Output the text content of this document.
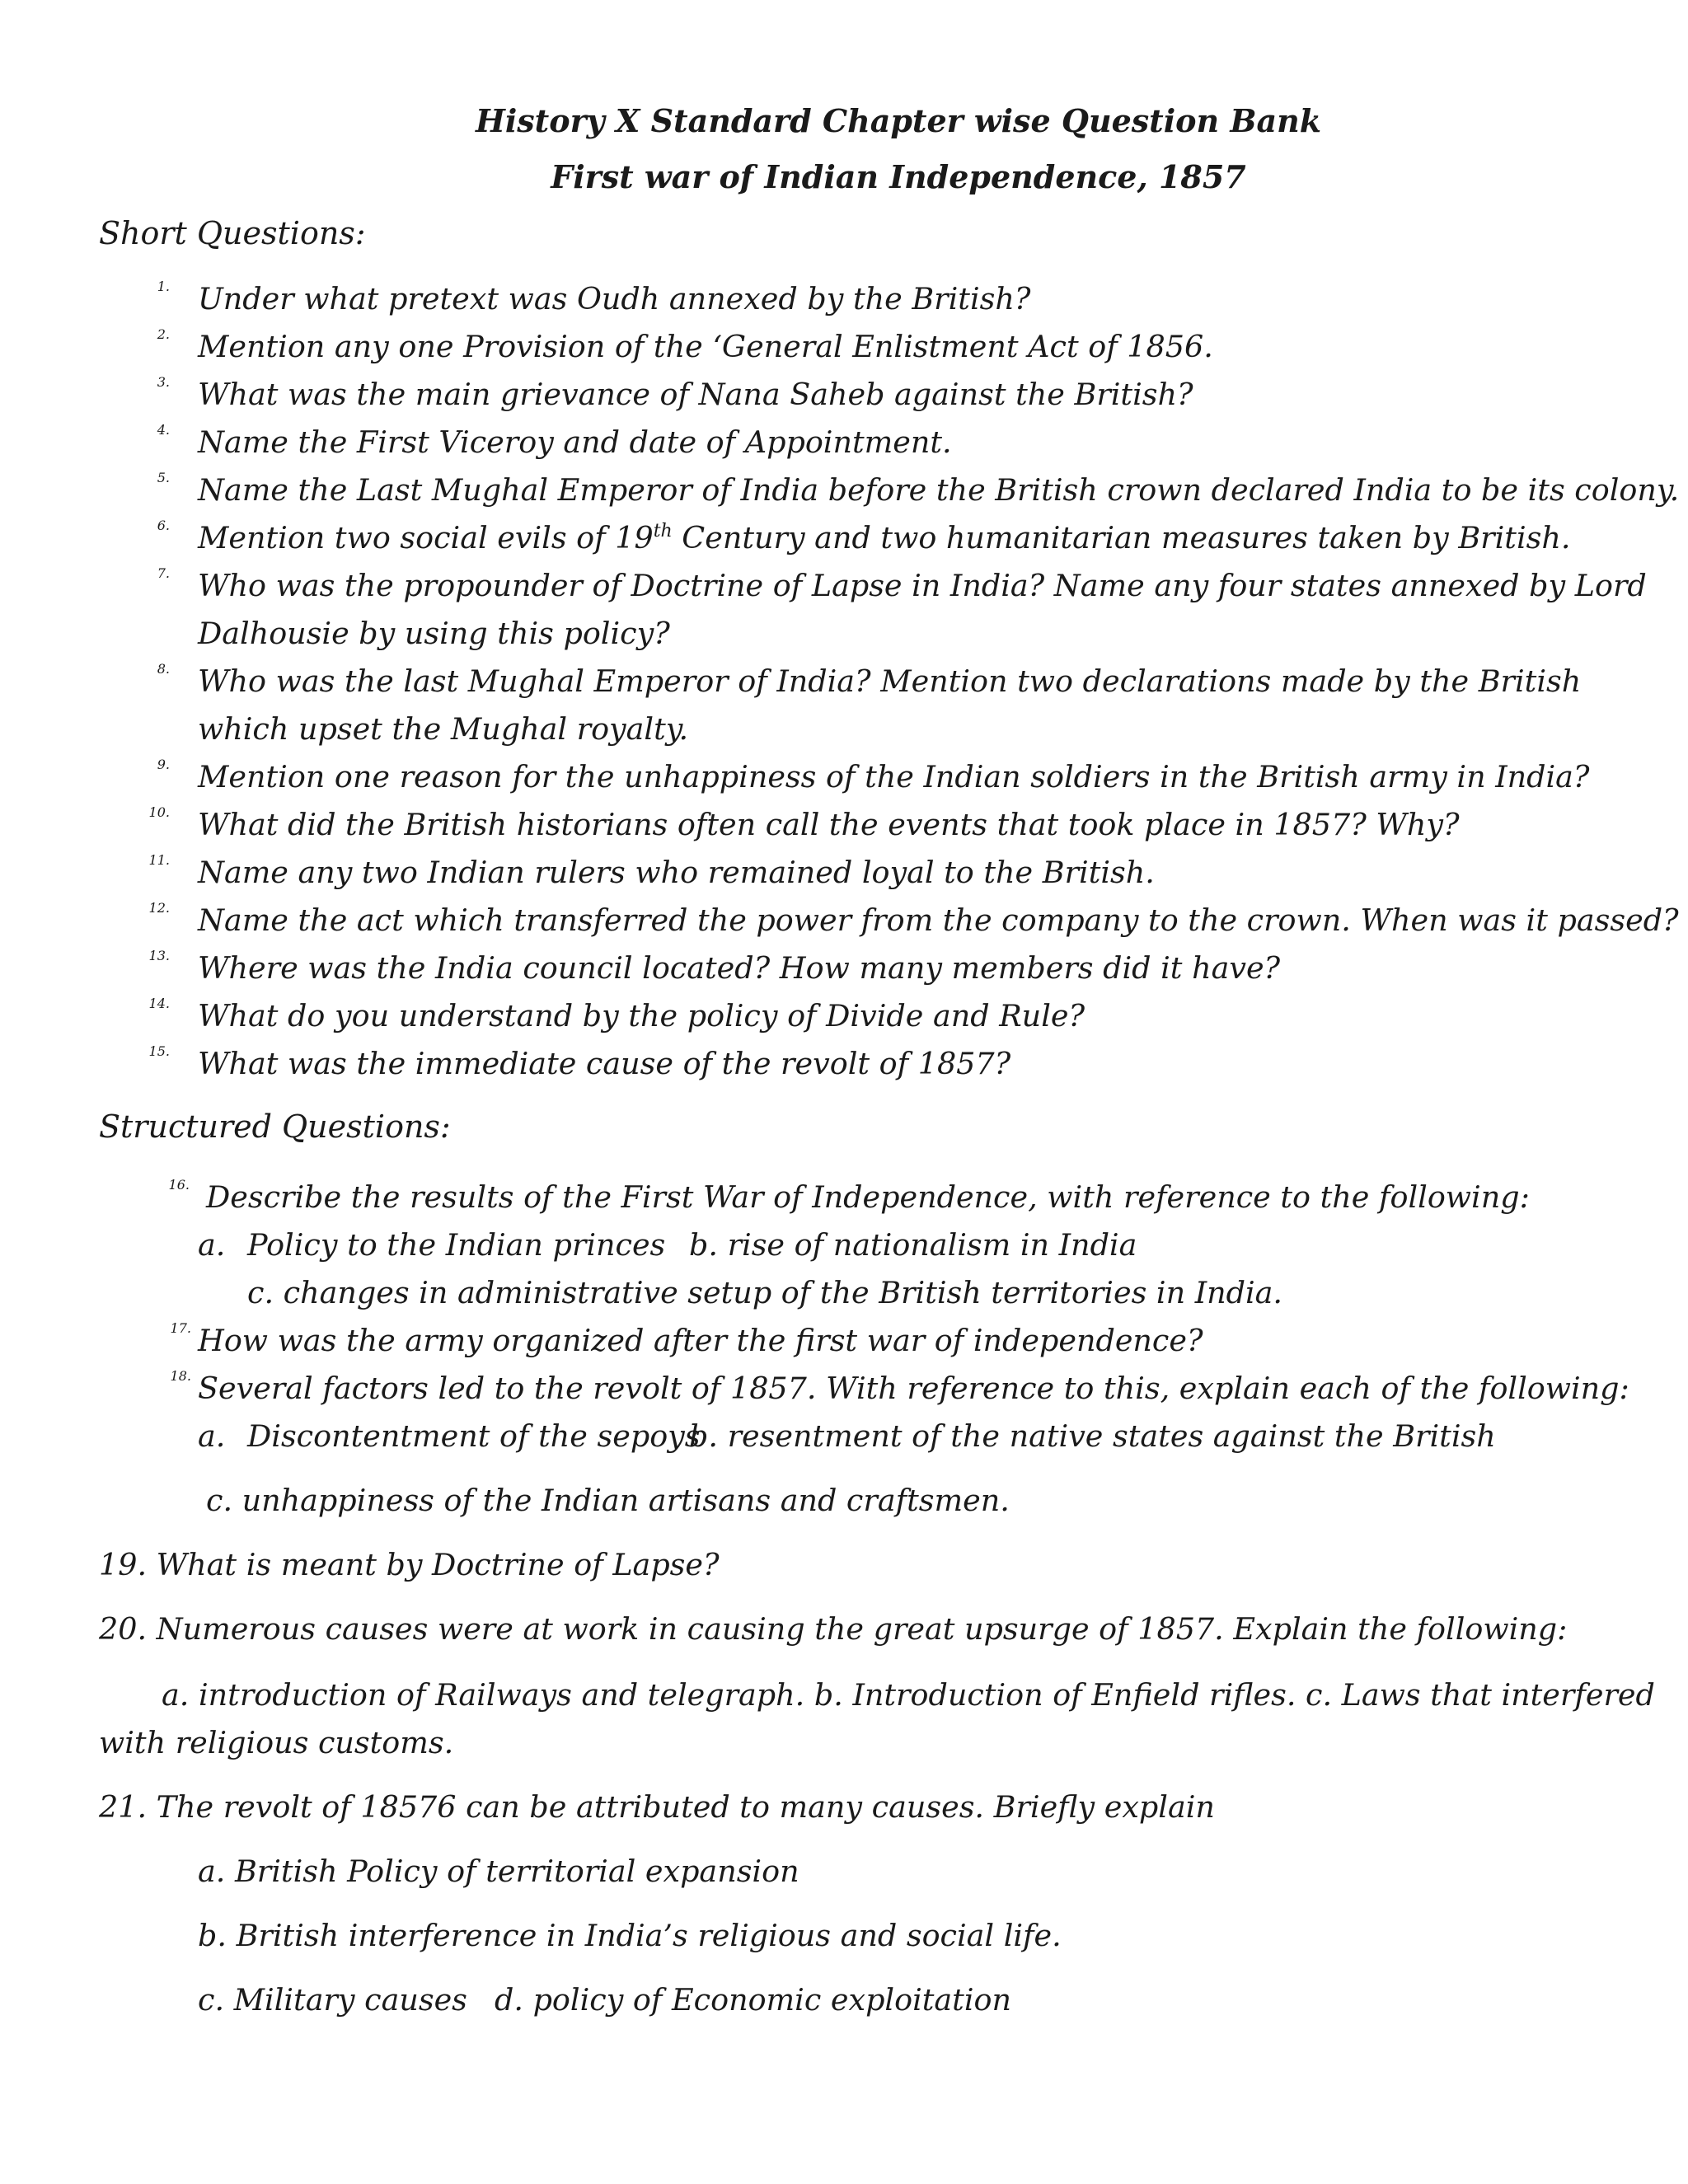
History X Standard Chapter wise Question Bank
First war of Indian Independence, 1857
Short Questions:
1. Under what pretext was Oudh annexed by the British?
2. Mention any one Provision of the ‘General Enlistment Act of 1856.
3. What was the main grievance of Nana Saheb against the British?
4. Name the First Viceroy and date of Appointment.
5. Name the Last Mughal Emperor of India before the British crown declared India to be its colony.
6. Mention two social evils of 19th Century and two humanitarian measures taken by British.
7. Who was the propounder of Doctrine of Lapse in India? Name any four states annexed by Lord
Dalhousie by using this policy?
8. Who was the last Mughal Emperor of India? Mention two declarations made by the British
which upset the Mughal royalty.
9. Mention one reason for the unhappiness of the Indian soldiers in the British army in India?
10. What did the British historians often call the events that took place in 1857? Why?
11. Name any two Indian rulers who remained loyal to the British.
12. Name the act which transferred the power from the company to the crown. When was it passed?
13. Where was the India council located? How many members did it have?
14. What do you understand by the policy of Divide and Rule?
15. What was the immediate cause of the revolt of 1857?
Structured Questions:
16. Describe the results of the First War of Independence, with reference to the following:
a. Policy to the Indian princes b. rise of nationalism in India
c. changes in administrative setup of the British territories in India.
17. How was the army organized after the first war of independence?
18. Several factors led to the revolt of 1857. With reference to this, explain each of the following:
a. Discontentment of the sepoys
b. resentment of the native states against the British
c. unhappiness of the Indian artisans and craftsmen.
19. What is meant by Doctrine of Lapse?
20. Numerous causes were at work in causing the great upsurge of 1857. Explain the following:
a. introduction of Railways and telegraph. b. Introduction of Enfield rifles. c. Laws that interfered
with religious customs.
21. The revolt of 18576 can be attributed to many causes. Briefly explain
a. British Policy of territorial expansion
b. British interference in India’s religious and social life.
c. Military causes d. policy of Economic exploitation
